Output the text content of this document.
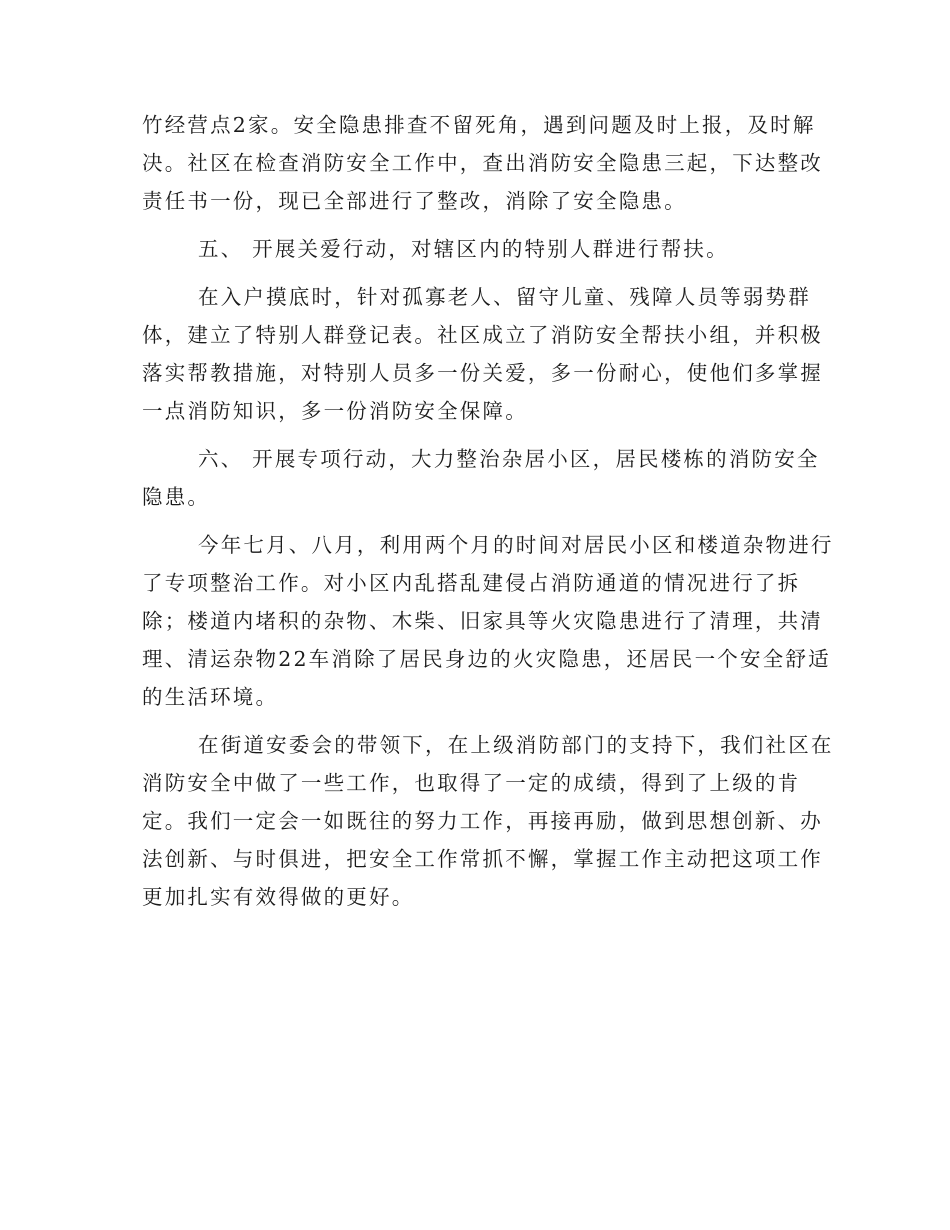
竹经营点2家。安全隐患排查不留死角，遇到问题及时上报，及时解
决。社区在检查消防安全工作中，查出消防安全隐患三起，下达整改
责任书一份，现已全部进行了整改，消除了安全隐患。
五、 开展关爱行动，对辖区内的特别人群进行帮扶。
在入户摸底时，针对孤寡老人、留守儿童、残障人员等弱势群
体，建立了特别人群登记表。社区成立了消防安全帮扶小组，并积极
落实帮教措施，对特别人员多一份关爱，多一份耐心，使他们多掌握
一点消防知识，多一份消防安全保障。
六、 开展专项行动，大力整治杂居小区，居民楼栋的消防安全
隐患。
今年七月、八月，利用两个月的时间对居民小区和楼道杂物进行
了专项整治工作。对小区内乱搭乱建侵占消防通道的情况进行了拆
除；楼道内堵积的杂物、木柴、旧家具等火灾隐患进行了清理，共清
理、清运杂物22车消除了居民身边的火灾隐患，还居民一个安全舒适
的生活环境。
在街道安委会的带领下，在上级消防部门的支持下，我们社区在
消防安全中做了一些工作，也取得了一定的成绩，得到了上级的肯
定。我们一定会一如既往的努力工作，再接再励，做到思想创新、办
法创新、与时俱进，把安全工作常抓不懈，掌握工作主动把这项工作
更加扎实有效得做的更好。
